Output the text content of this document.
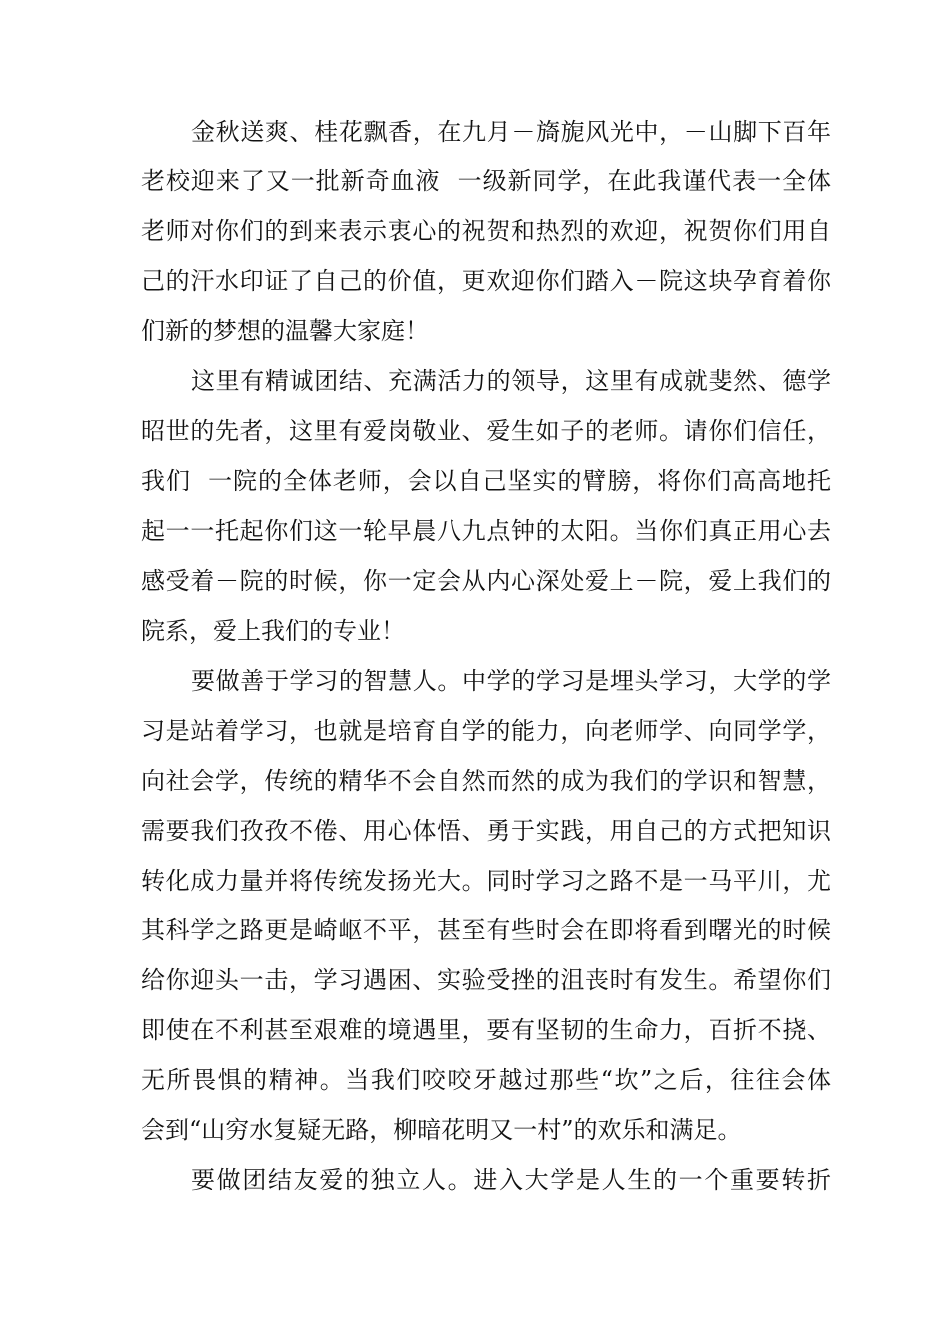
金秋送爽、桂花飘香，在九月－旖旎风光中，－山脚下百年
老校迎来了又一批新奇血液  一级新同学，在此我谨代表一全体
老师对你们的到来表示衷心的祝贺和热烈的欢迎，祝贺你们用自
己的汗水印证了自己的价值，更欢迎你们踏入－院这块孕育着你
们新的梦想的温馨大家庭！
这里有精诚团结、充满活力的领导，这里有成就斐然、德学
昭世的先者，这里有爱岗敬业、爱生如子的老师。请你们信任，
我们  一院的全体老师，会以自己坚实的臂膀，将你们高高地托
起一一托起你们这一轮早晨八九点钟的太阳。当你们真正用心去
感受着－院的时候，你一定会从内心深处爱上－院，爱上我们的
院系，爱上我们的专业！
要做善于学习的智慧人。中学的学习是埋头学习，大学的学
习是站着学习，也就是培育自学的能力，向老师学、向同学学，
向社会学，传统的精华不会自然而然的成为我们的学识和智慧，
需要我们孜孜不倦、用心体悟、勇于实践，用自己的方式把知识
转化成力量并将传统发扬光大。同时学习之路不是一马平川，尤
其科学之路更是崎岖不平，甚至有些时会在即将看到曙光的时候
给你迎头一击，学习遇困、实验受挫的沮丧时有发生。希望你们
即使在不利甚至艰难的境遇里，要有坚韧的生命力，百折不挠、
无所畏惧的精神。当我们咬咬牙越过那些“坎”之后，往往会体
会到“山穷水复疑无路，柳暗花明又一村”的欢乐和满足。
要做团结友爱的独立人。进入大学是人生的一个重要转折
